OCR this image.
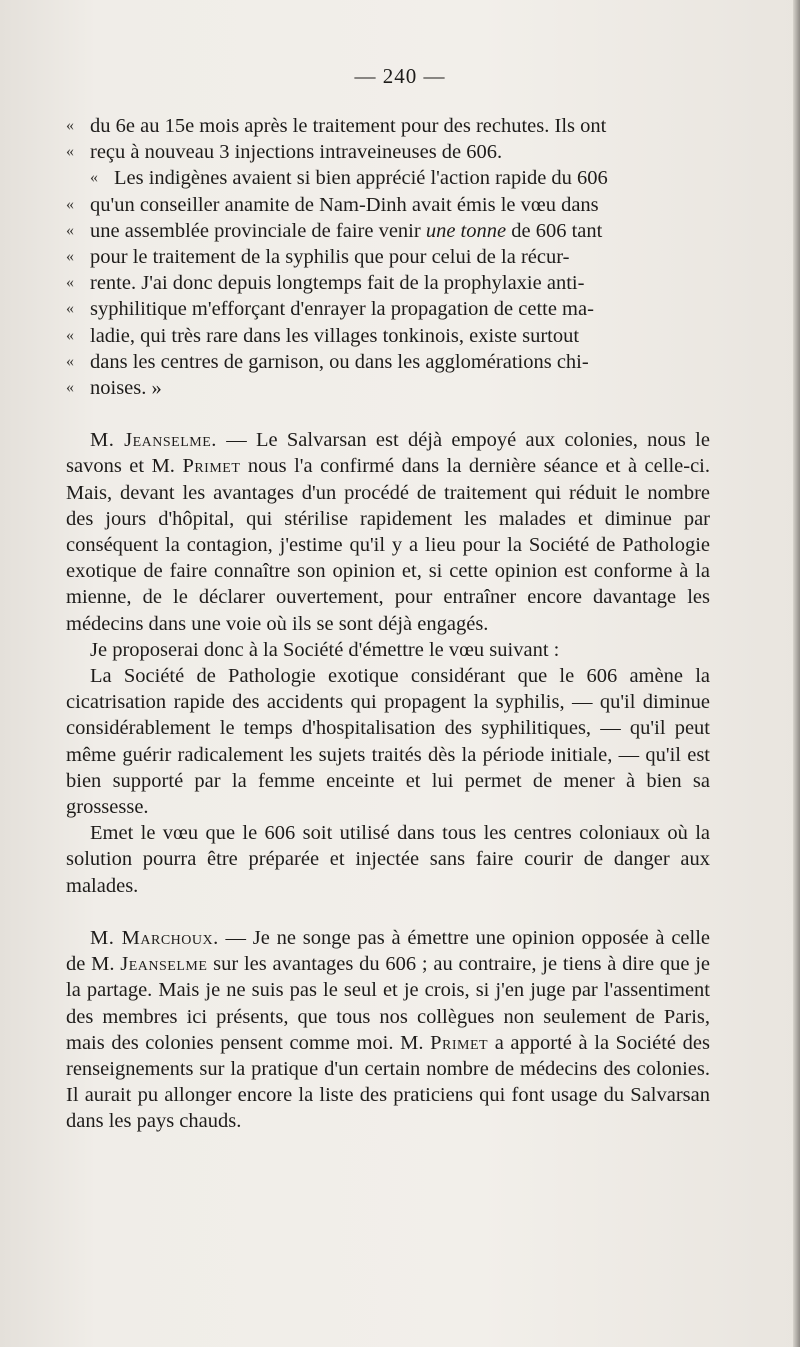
— 240 —
« du 6e au 15e mois après le traitement pour des rechutes. Ils ont
« reçu à nouveau 3 injections intraveineuses de 606.
« Les indigènes avaient si bien apprécié l'action rapide du 606
« qu'un conseiller anamite de Nam-Dinh avait émis le vœu dans
« une assemblée provinciale de faire venir une tonne de 606 tant
« pour le traitement de la syphilis que pour celui de la récur-
« rente. J'ai donc depuis longtemps fait de la prophylaxie anti-
« syphilitique m'efforçant d'enrayer la propagation de cette ma-
« ladie, qui très rare dans les villages tonkinois, existe surtout
« dans les centres de garnison, ou dans les agglomérations chi-
« noises. »

M. Jeanselme. — Le Salvarsan est déjà empoyé aux colonies, nous le savons et M. Primet nous l'a confirmé dans la dernière séance et à celle-ci. Mais, devant les avantages d'un procédé de traitement qui réduit le nombre des jours d'hôpital, qui stérilise rapidement les malades et diminue par conséquent la contagion, j'estime qu'il y a lieu pour la Société de Pathologie exotique de faire connaître son opinion et, si cette opinion est conforme à la mienne, de le déclarer ouvertement, pour entraîner encore davantage les médecins dans une voie où ils se sont déjà engagés.

Je proposerai donc à la Société d'émettre le vœu suivant :

La Société de Pathologie exotique considérant que le 606 amène la cicatrisation rapide des accidents qui propagent la syphilis, — qu'il diminue considérablement le temps d'hospitalisation des syphilitiques, — qu'il peut même guérir radicalement les sujets traités dès la période initiale, — qu'il est bien supporté par la femme enceinte et lui permet de mener à bien sa grossesse.

Emet le vœu que le 606 soit utilisé dans tous les centres coloniaux où la solution pourra être préparée et injectée sans faire courir de danger aux malades.

M. Marchoux. — Je ne songe pas à émettre une opinion opposée à celle de M. Jeanselme sur les avantages du 606 ; au contraire, je tiens à dire que je la partage. Mais je ne suis pas le seul et je crois, si j'en juge par l'assentiment des membres ici présents, que tous nos collègues non seulement de Paris, mais des colonies pensent comme moi. M. Primet a apporté à la Société des renseignements sur la pratique d'un certain nombre de médecins des colonies. Il aurait pu allonger encore la liste des praticiens qui font usage du Salvarsan dans les pays chauds.
